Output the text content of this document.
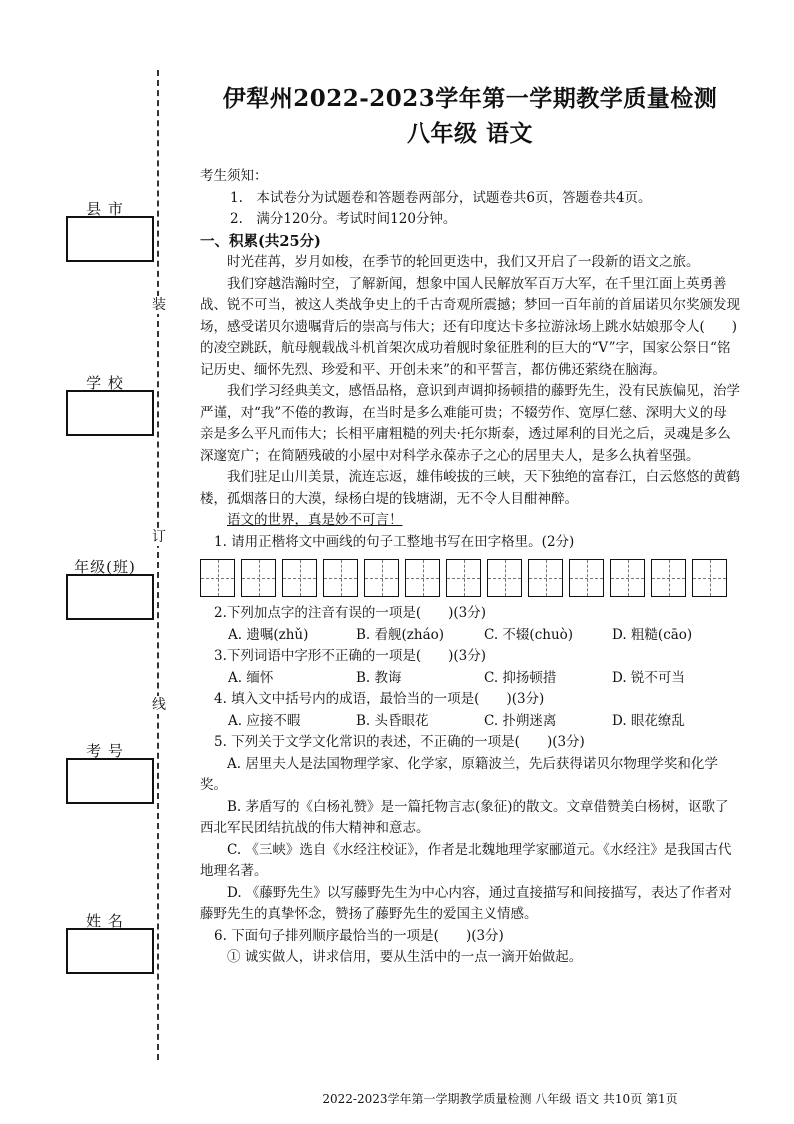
装
订
线
县 市
学 校
年级(班)
考 号
姓 名
伊犁州2022-2023学年第一学期教学质量检测
八年级 语文

考生须知：

1.　本试卷分为试题卷和答题卷两部分，试题卷共6页，答题卷共4页。

2.　满分120分。考试时间120分钟。

一、积累(共25分)

时光荏苒，岁月如梭，在季节的轮回更迭中，我们又开启了一段新的语文之旅。

我们穿越浩瀚时空，了解新闻，想象中国人民解放军百万大军，在千里江面上英勇善战、锐不可当，被这人类战争史上的千古奇观所震撼；梦回一百年前的首届诺贝尔奖颁发现场，感受诺贝尔遗嘱背后的崇高与伟大；还有印度达卡多拉游泳场上跳水姑娘那令人(　　)的凌空跳跃，航母舰载战斗机首架次成功着舰时象征胜利的巨大的“V”字，国家公祭日“铭记历史、缅怀先烈、珍爱和平、开创未来”的和平誓言，都仿佛还萦绕在脑海。

我们学习经典美文，感悟品格，意识到声调抑扬顿措的藤野先生，没有民族偏见，治学严谨，对“我”不倦的教诲，在当时是多么难能可贵；不辍劳作、宽厚仁慈、深明大义的母亲是多么平凡而伟大；长相平庸粗糙的列夫·托尔斯泰，透过犀利的目光之后，灵魂是多么深邃宽广；在简陋残破的小屋中对科学永葆赤子之心的居里夫人，是多么执着坚强。

我们驻足山川美景，流连忘返，雄伟峻拔的三峡，天下独绝的富春江，白云悠悠的黄鹤楼，孤烟落日的大漠，绿杨白堤的钱塘湖，无不令人目酣神醉。

语文的世界，真是妙不可言！

1. 请用正楷将文中画线的句子工整地书写在田字格里。(2分)

2.下列加点字的注音有误的一项是(　　)(3分)

A. 遗嘱(zhǔ)	B. 看舰(zháo)	C. 不辍(chuò)	D. 粗糙(cāo)

3.下列词语中字形不正确的一项是(　　)(3分)

A. 缅怀	B. 教诲	C. 抑扬顿措	D. 锐不可当

4. 填入文中括号内的成语，最恰当的一项是(　　)(3分)

A. 应接不暇	B. 头昏眼花	C. 扑朔迷离	D. 眼花缭乱

5. 下列关于文学文化常识的表述，不正确的一项是(　　)(3分)

A. 居里夫人是法国物理学家、化学家，原籍波兰，先后获得诺贝尔物理学奖和化学奖。

B. 茅盾写的《白杨礼赞》是一篇托物言志(象征)的散文。文章借赞美白杨树，讴歌了西北军民团结抗战的伟大精神和意志。

C. 《三峡》选自《水经注校证》，作者是北魏地理学家郦道元。《水经注》是我国古代地理名著。

D. 《藤野先生》以写藤野先生为中心内容，通过直接描写和间接描写，表达了作者对藤野先生的真挚怀念，赞扬了藤野先生的爱国主义情感。

6. 下面句子排列顺序最恰当的一项是(　　)(3分)

① 诚实做人，讲求信用，要从生活中的一点一滴开始做起。

2022-2023学年第一学期教学质量检测 八年级 语文 共10页 第1页
